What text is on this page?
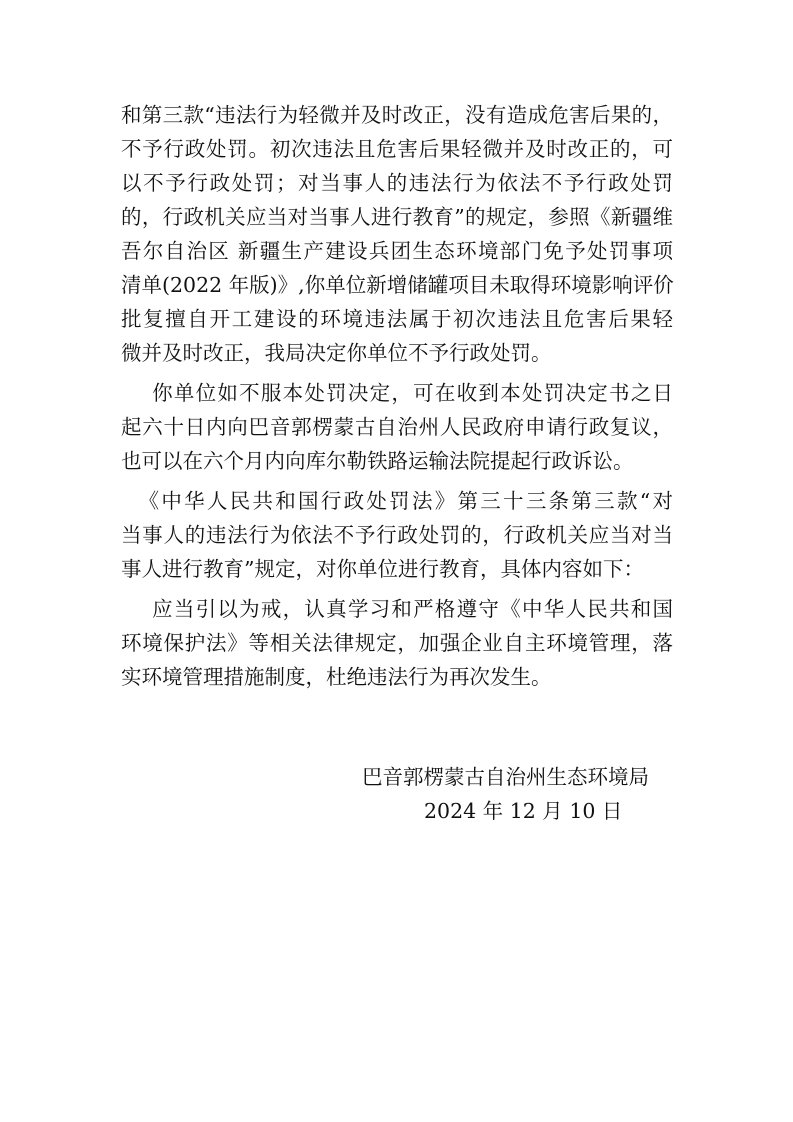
和第三款“违法行为轻微并及时改正，没有造成危害后果的，
不予行政处罚。初次违法且危害后果轻微并及时改正的，可
以不予行政处罚；对当事人的违法行为依法不予行政处罚
的，行政机关应当对当事人进行教育”的规定，参照《新疆维
吾尔自治区 新疆生产建设兵团生态环境部门免予处罚事项
清单(2022 年版)》,你单位新增储罐项目未取得环境影响评价
批复擅自开工建设的环境违法属于初次违法且危害后果轻
微并及时改正，我局决定你单位不予行政处罚。
你单位如不服本处罚决定，可在收到本处罚决定书之日
起六十日内向巴音郭楞蒙古自治州人民政府申请行政复议，
也可以在六个月内向库尔勒铁路运输法院提起行政诉讼。
《中华人民共和国行政处罚法》第三十三条第三款“对
当事人的违法行为依法不予行政处罚的，行政机关应当对当
事人进行教育”规定，对你单位进行教育，具体内容如下：
应当引以为戒，认真学习和严格遵守《中华人民共和国
环境保护法》等相关法律规定，加强企业自主环境管理，落
实环境管理措施制度，杜绝违法行为再次发生。
巴音郭楞蒙古自治州生态环境局
2024 年 12 月 10 日
